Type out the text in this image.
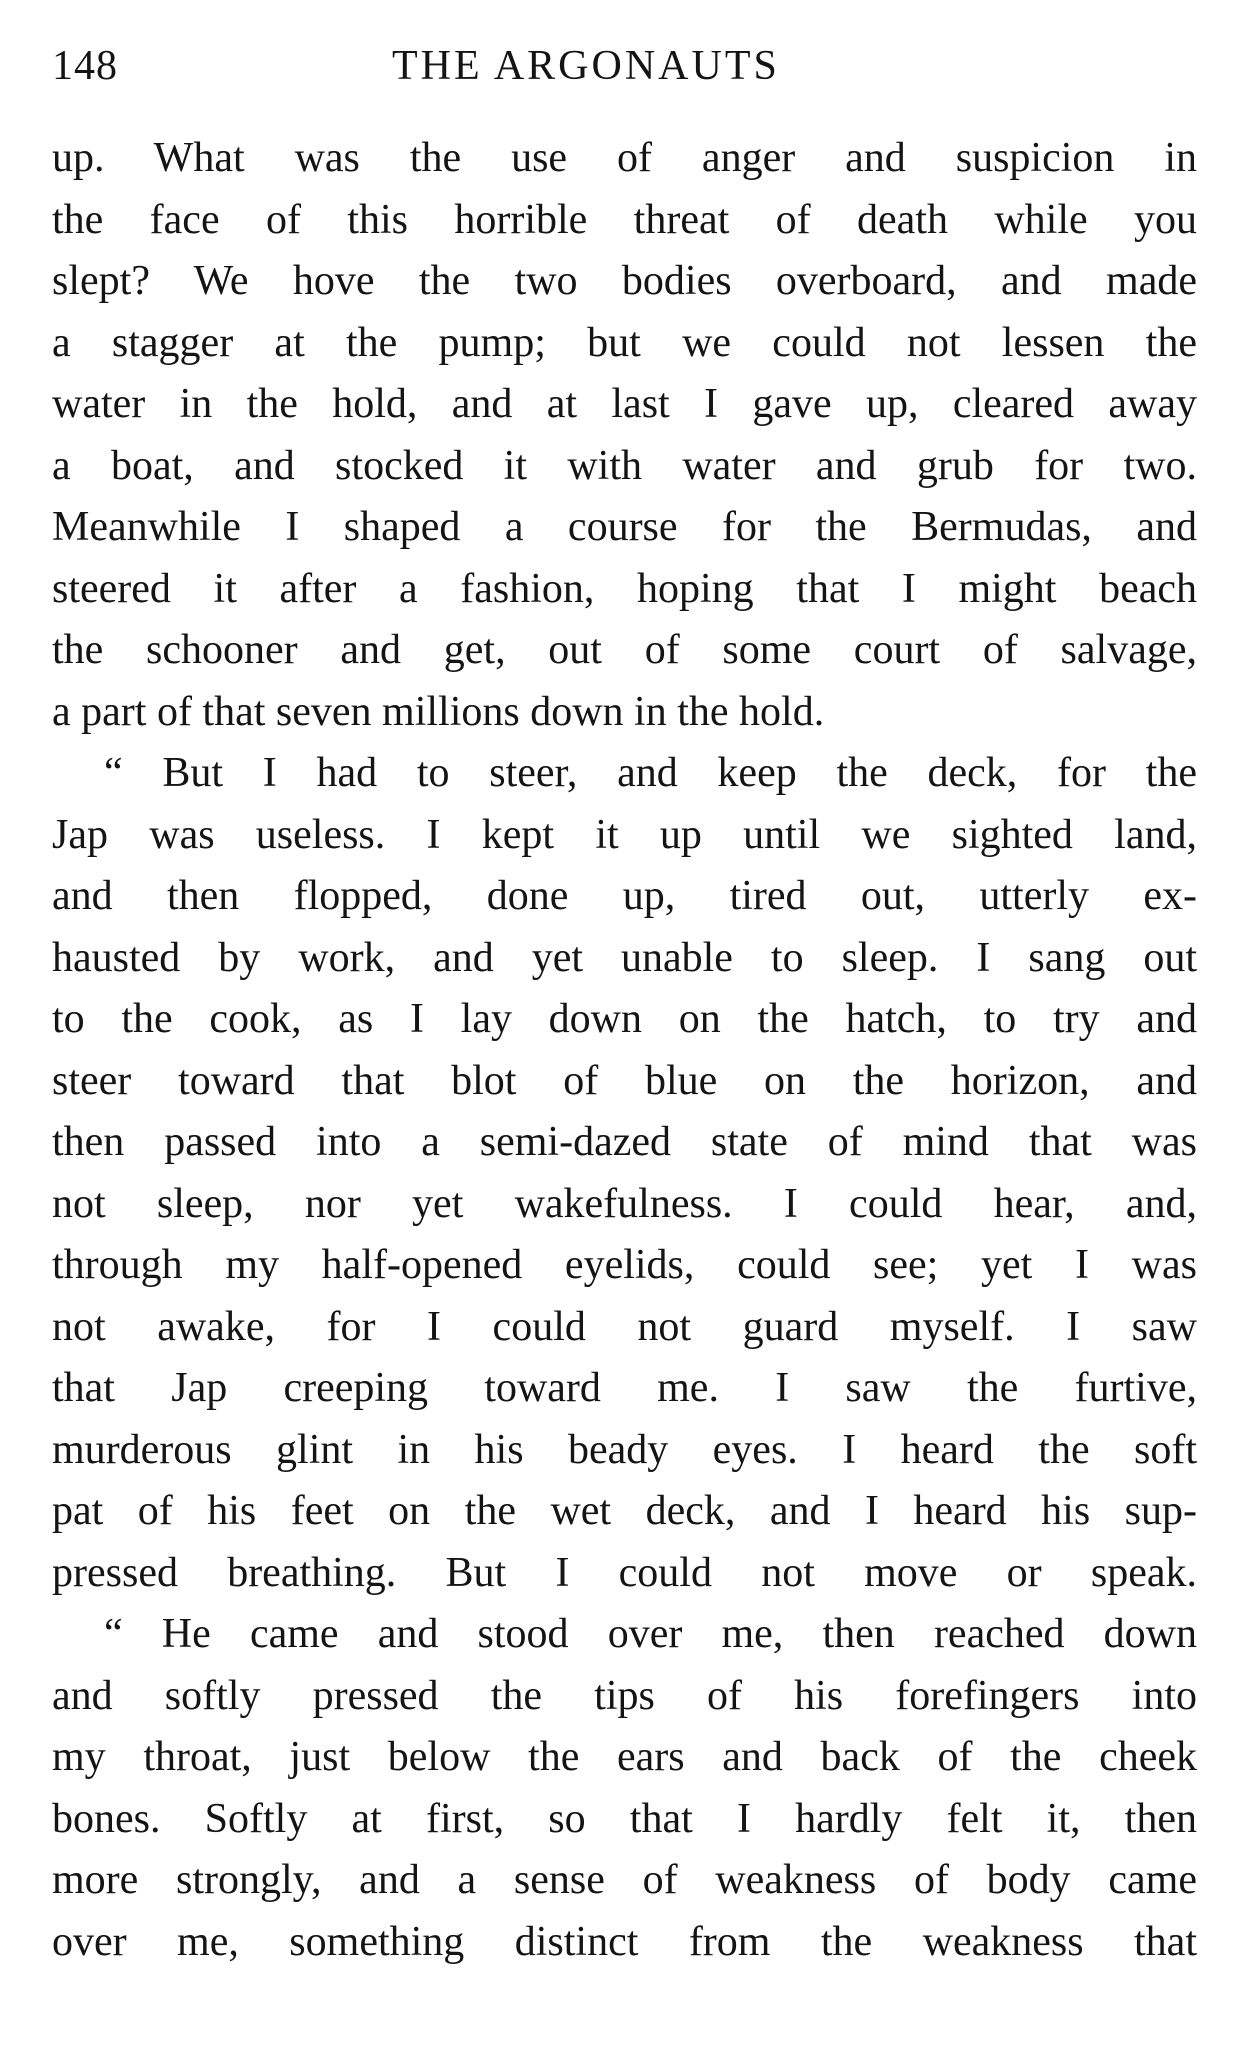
148	THE ARGONAUTS
up. What was the use of anger and suspicion in
the face of this horrible threat of death while you
slept? We hove the two bodies overboard, and made
a stagger at the pump; but we could not lessen the
water in the hold, and at last I gave up, cleared away
a boat, and stocked it with water and grub for two.
Meanwhile I shaped a course for the Bermudas, and
steered it after a fashion, hoping that I might beach
the schooner and get, out of some court of salvage,
a part of that seven millions down in the hold.
“ But I had to steer, and keep the deck, for the
Jap was useless. I kept it up until we sighted land,
and then flopped, done up, tired out, utterly ex-
hausted by work, and yet unable to sleep. I sang out
to the cook, as I lay down on the hatch, to try and
steer toward that blot of blue on the horizon, and
then passed into a semi-dazed state of mind that was
not sleep, nor yet wakefulness. I could hear, and,
through my half-opened eyelids, could see; yet I was
not awake, for I could not guard myself. I saw
that Jap creeping toward me. I saw the furtive,
murderous glint in his beady eyes. I heard the soft
pat of his feet on the wet deck, and I heard his sup-
pressed breathing. But I could not move or speak.
“ He came and stood over me, then reached down
and softly pressed the tips of his forefingers into
my throat, just below the ears and back of the cheek
bones. Softly at first, so that I hardly felt it, then
more strongly, and a sense of weakness of body came
over me, something distinct from the weakness that
